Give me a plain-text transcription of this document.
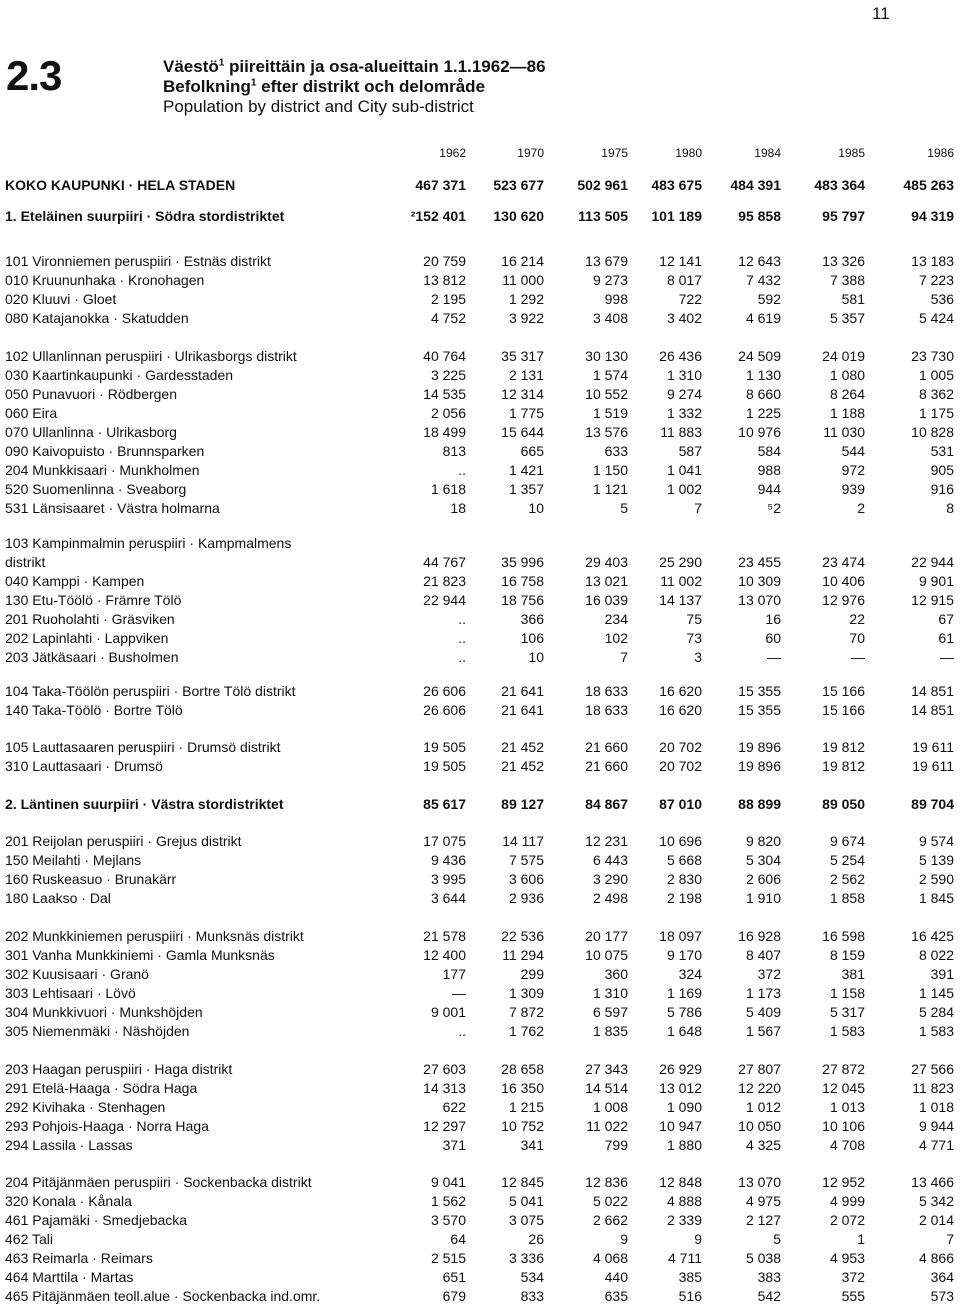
11
2.3	Väestö$^1$ piireittäin ja osa-alueittain 1.1.1962—86
Befolkning$^1$ efter distrikt och delområde
Population by district and City sub-district
1962	1970	1975	1980	1984	1985	1986
KOKO KAUPUNKI · HELA STADEN	467 371	523 677	502 961	483 675	484 391	483 364	485 263
1. Eteläinen suurpiiri · Södra stordistriktet	²152 401	130 620	113 505	101 189	95 858	95 797	94 319
101 Vironniemen peruspiiri · Estnäs distrikt	20 759	16 214	13 679	12 141	12 643	13 326	13 183
010 Kruununhaka · Kronohagen	13 812	11 000	9 273	8 017	7 432	7 388	7 223
020 Kluuvi · Gloet	2 195	1 292	998	722	592	581	536
080 Katajanokka · Skatudden	4 752	3 922	3 408	3 402	4 619	5 357	5 424
102 Ullanlinnan peruspiiri · Ulrikasborgs distrikt	40 764	35 317	30 130	26 436	24 509	24 019	23 730
030 Kaartinkaupunki · Gardesstaden	3 225	2 131	1 574	1 310	1 130	1 080	1 005
050 Punavuori · Rödbergen	14 535	12 314	10 552	9 274	8 660	8 264	8 362
060 Eira	2 056	1 775	1 519	1 332	1 225	1 188	1 175
070 Ullanlinna · Ulrikasborg	18 499	15 644	13 576	11 883	10 976	11 030	10 828
090 Kaivopuisto · Brunnsparken	813	665	633	587	584	544	531
204 Munkkisaari · Munkholmen	..	1 421	1 150	1 041	988	972	905
520 Suomenlinna · Sveaborg	1 618	1 357	1 121	1 002	944	939	916
531 Länsisaaret · Västra holmarna	18	10	5	7	⁵2	2	8
103 Kampinmalmin peruspiiri · Kampmalmens
distrikt	44 767	35 996	29 403	25 290	23 455	23 474	22 944
040 Kamppi · Kampen	21 823	16 758	13 021	11 002	10 309	10 406	9 901
130 Etu-Töölö · Främre Tölö	22 944	18 756	16 039	14 137	13 070	12 976	12 915
201 Ruoholahti · Gräsviken	..	366	234	75	16	22	67
202 Lapinlahti · Lappviken	..	106	102	73	60	70	61
203 Jätkäsaari · Busholmen	..	10	7	3	—	—	—
104 Taka-Töölön peruspiiri · Bortre Tölö distrikt	26 606	21 641	18 633	16 620	15 355	15 166	14 851
140 Taka-Töölö · Bortre Tölö	26 606	21 641	18 633	16 620	15 355	15 166	14 851
105 Lauttasaaren peruspiiri · Drumsö distrikt	19 505	21 452	21 660	20 702	19 896	19 812	19 611
310 Lauttasaari · Drumsö	19 505	21 452	21 660	20 702	19 896	19 812	19 611
2. Läntinen suurpiiri · Västra stordistriktet	85 617	89 127	84 867	87 010	88 899	89 050	89 704
201 Reijolan peruspiiri · Grejus distrikt	17 075	14 117	12 231	10 696	9 820	9 674	9 574
150 Meilahti · Mejlans	9 436	7 575	6 443	5 668	5 304	5 254	5 139
160 Ruskeasuo · Brunakärr	3 995	3 606	3 290	2 830	2 606	2 562	2 590
180 Laakso · Dal	3 644	2 936	2 498	2 198	1 910	1 858	1 845
202 Munkkiniemen peruspiiri · Munksnäs distrikt	21 578	22 536	20 177	18 097	16 928	16 598	16 425
301 Vanha Munkkiniemi · Gamla Munksnäs	12 400	11 294	10 075	9 170	8 407	8 159	8 022
302 Kuusisaari · Granö	177	299	360	324	372	381	391
303 Lehtisaari · Lövö	—	1 309	1 310	1 169	1 173	1 158	1 145
304 Munkkivuori · Munkshöjden	9 001	7 872	6 597	5 786	5 409	5 317	5 284
305 Niemenmäki · Näshöjden	..	1 762	1 835	1 648	1 567	1 583	1 583
203 Haagan peruspiiri · Haga distrikt	27 603	28 658	27 343	26 929	27 807	27 872	27 566
291 Etelä-Haaga · Södra Haga	14 313	16 350	14 514	13 012	12 220	12 045	11 823
292 Kivihaka · Stenhagen	622	1 215	1 008	1 090	1 012	1 013	1 018
293 Pohjois-Haaga · Norra Haga	12 297	10 752	11 022	10 947	10 050	10 106	9 944
294 Lassila · Lassas	371	341	799	1 880	4 325	4 708	4 771
204 Pitäjänmäen peruspiiri · Sockenbacka distrikt	9 041	12 845	12 836	12 848	13 070	12 952	13 466
320 Konala · Kånala	1 562	5 041	5 022	4 888	4 975	4 999	5 342
461 Pajamäki · Smedjebacka	3 570	3 075	2 662	2 339	2 127	2 072	2 014
462 Tali	64	26	9	9	5	1	7
463 Reimarla · Reimars	2 515	3 336	4 068	4 711	5 038	4 953	4 866
464 Marttila · Martas	651	534	440	385	383	372	364
465 Pitäjänmäen teoll.alue · Sockenbacka ind.omr.	679	833	635	516	542	555	573
